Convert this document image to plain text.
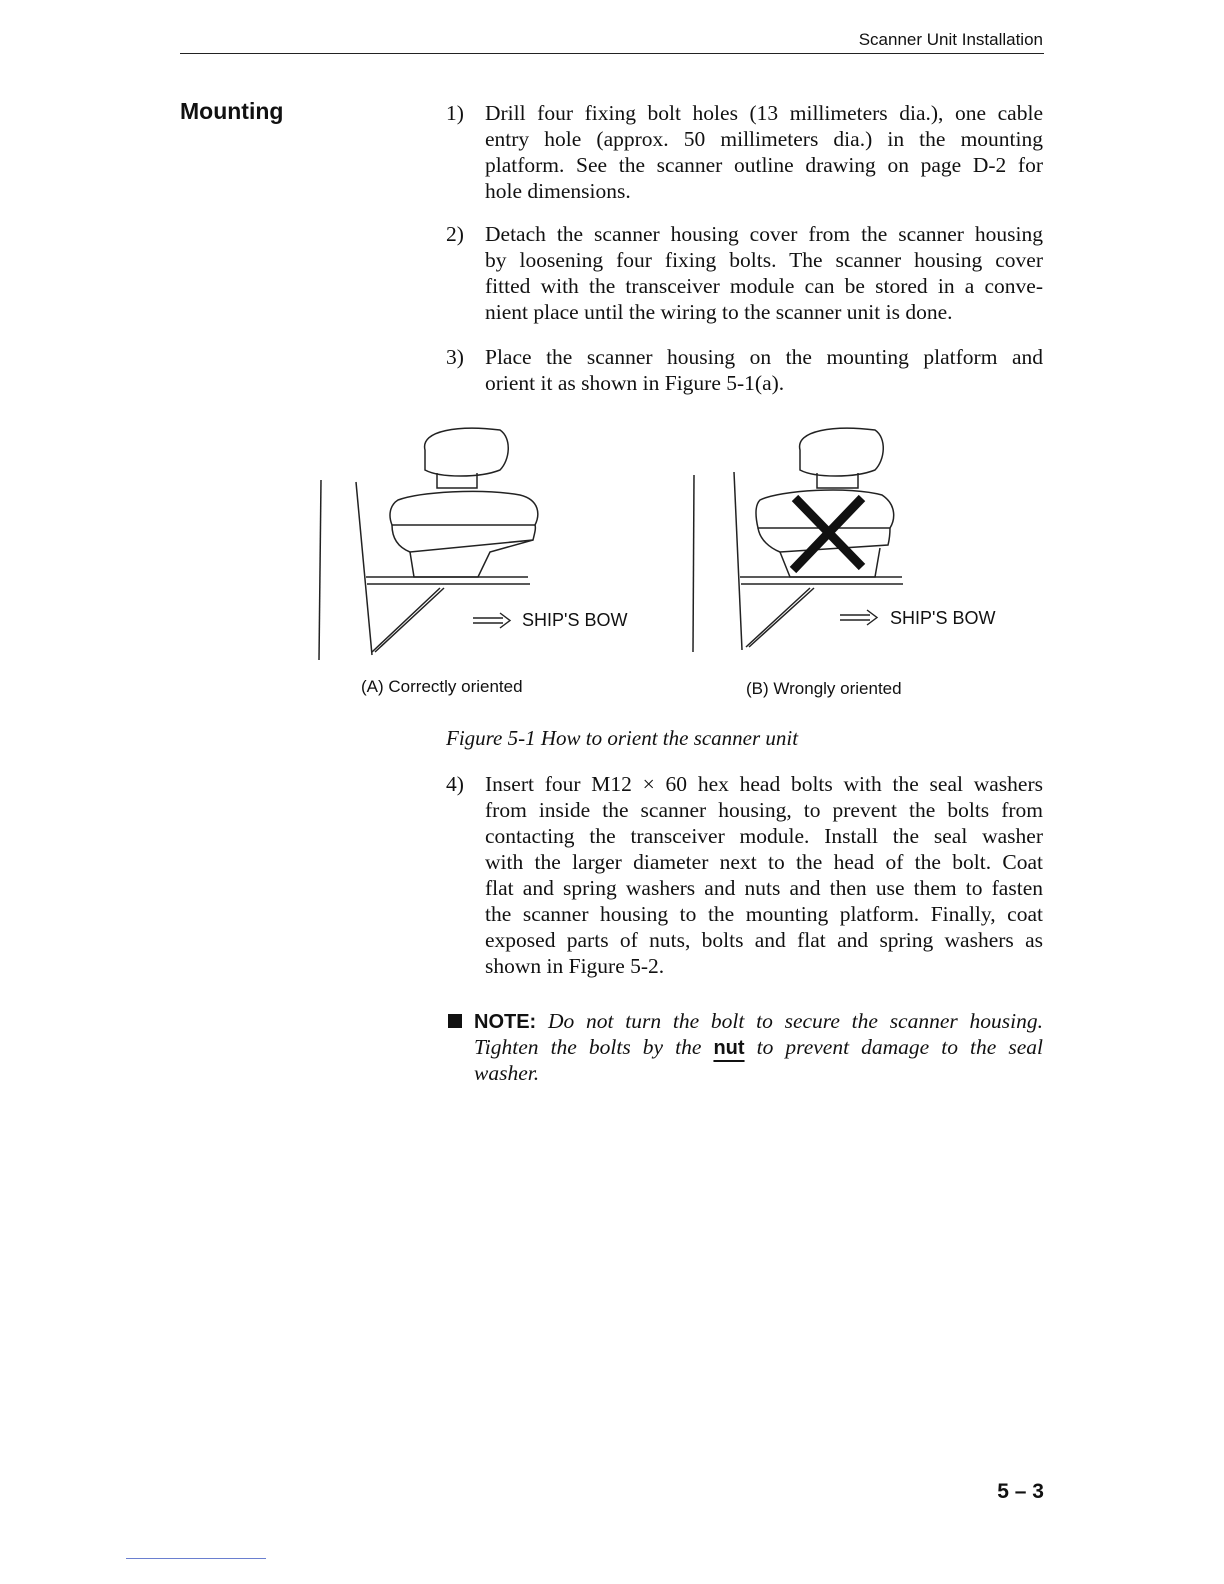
Scanner Unit Installation
Mounting	1) Drill four fixing bolt holes (13 millimeters dia.), one cable
entry hole (approx. 50 millimeters dia.) in the mounting
platform. See the scanner outline drawing on page D-2 for
hole dimensions.
2) Detach the scanner housing cover from the scanner housing
by loosening four fixing bolts. The scanner housing cover
fitted with the transceiver module can be stored in a conve-
nient place until the wiring to the scanner unit is done.
3) Place the scanner housing on the mounting platform and
orient it as shown in Figure 5-1(a).
SHIP'S BOW	SHIP'S BOW
(A) Correctly oriented	(B) Wrongly oriented
Figure 5-1 How to orient the scanner unit
4) Insert four M12 × 60 hex head bolts with the seal washers
from inside the scanner housing, to prevent the bolts from
contacting the transceiver module. Install the seal washer
with the larger diameter next to the head of the bolt. Coat
flat and spring washers and nuts and then use them to fasten
the scanner housing to the mounting platform. Finally, coat
exposed parts of nuts, bolts and flat and spring washers as
shown in Figure 5-2.
NOTE: Do not turn the bolt to secure the scanner housing.
Tighten the bolts by the nut to prevent damage to the seal
washer.
5 – 3
